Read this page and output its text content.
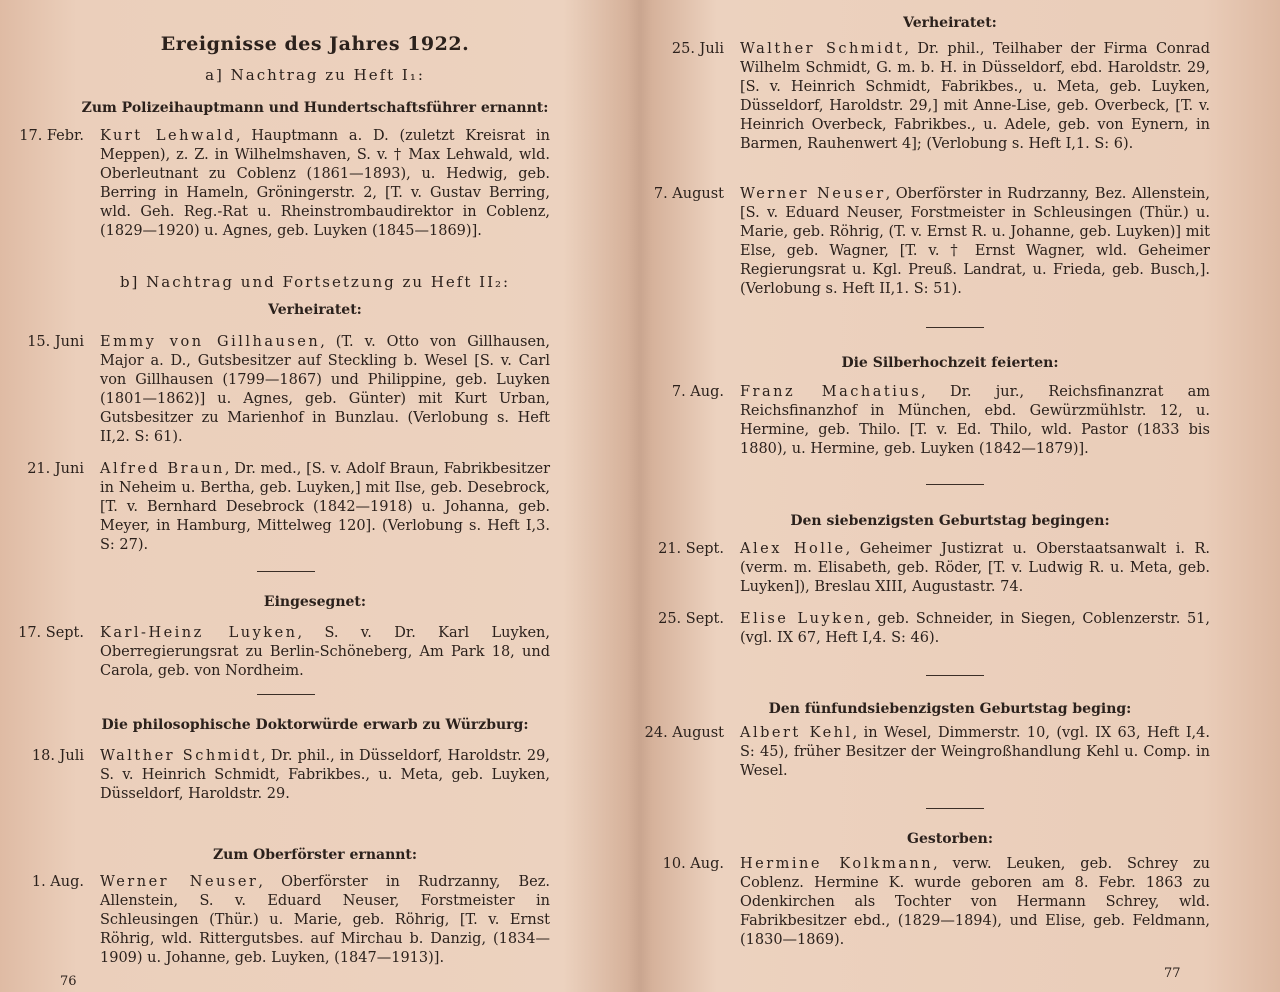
Ereignisse des Jahres 1922.
a] Nachtrag zu Heft I₁:
Zum Polizeihauptmann und Hundertschaftsführer ernannt:
17. Febr. Kurt Lehwald, Hauptmann a. D. (zuletzt Kreisrat in Meppen), z. Z. in Wilhelmshaven, S. v. † Max Lehwald, wld. Oberleutnant zu Coblenz (1861—1893), u. Hedwig, geb. Berring in Hameln, Gröningerstr. 2, [T. v. Gustav Berring, wld. Geh. Reg.-Rat u. Rheinstrombaudirektor in Coblenz, (1829—1920) u. Agnes, geb. Luyken (1845—1869)].
b] Nachtrag und Fortsetzung zu Heft II₂:
Verheiratet:
15. Juni Emmy von Gillhausen, (T. v. Otto von Gillhausen, Major a. D., Gutsbesitzer auf Steckling b. Wesel [S. v. Carl von Gillhausen (1799—1867) und Philippine, geb. Luyken (1801—1862)] u. Agnes, geb. Günter) mit Kurt Urban, Gutsbesitzer zu Marienhof in Bunzlau. (Verlobung s. Heft II,2. S: 61).
21. Juni Alfred Braun, Dr. med., [S. v. Adolf Braun, Fabrikbesitzer in Neheim u. Bertha, geb. Luyken,] mit Ilse, geb. Desebrock, [T. v. Bernhard Desebrock (1842—1918) u. Johanna, geb. Meyer, in Hamburg, Mittelweg 120]. (Verlobung s. Heft I,3. S: 27).
Eingesegnet:
17. Sept. Karl-Heinz Luyken, S. v. Dr. Karl Luyken, Oberregierungsrat zu Berlin-Schöneberg, Am Park 18, und Carola, geb. von Nordheim.
Die philosophische Doktorwürde erwarb zu Würzburg:
18. Juli Walther Schmidt, Dr. phil., in Düsseldorf, Haroldstr. 29, S. v. Heinrich Schmidt, Fabrikbes., u. Meta, geb. Luyken, Düsseldorf, Haroldstr. 29.
Zum Oberförster ernannt:
1. Aug. Werner Neuser, Oberförster in Rudrzanny, Bez. Allenstein, S. v. Eduard Neuser, Forstmeister in Schleusingen (Thür.) u. Marie, geb. Röhrig, [T. v. Ernst Röhrig, wld. Rittergutsbes. auf Mirchau b. Danzig, (1834—1909) u. Johanne, geb. Luyken, (1847—1913)].
76
Verheiratet:
25. Juli Walther Schmidt, Dr. phil., Teilhaber der Firma Conrad Wilhelm Schmidt, G. m. b. H. in Düsseldorf, ebd. Haroldstr. 29, [S. v. Heinrich Schmidt, Fabrikbes., u. Meta, geb. Luyken, Düsseldorf, Haroldstr. 29,] mit Anne-Lise, geb. Overbeck, [T. v. Heinrich Overbeck, Fabrikbes., u. Adele, geb. von Eynern, in Barmen, Rauhenwert 4]; (Verlobung s. Heft I,1. S: 6).
7. August Werner Neuser, Oberförster in Rudrzanny, Bez. Allenstein, [S. v. Eduard Neuser, Forstmeister in Schleusingen (Thür.) u. Marie, geb. Röhrig, (T. v. Ernst R. u. Johanne, geb. Luyken)] mit Else, geb. Wagner, [T. v. † Ernst Wagner, wld. Geheimer Regierungsrat u. Kgl. Preuß. Landrat, u. Frieda, geb. Busch,]. (Verlobung s. Heft II,1. S: 51).
Die Silberhochzeit feierten:
7. Aug. Franz Machatius, Dr. jur., Reichsfinanzrat am Reichsfinanzhof in München, ebd. Gewürzmühlstr. 12, u. Hermine, geb. Thilo. [T. v. Ed. Thilo, wld. Pastor (1833 bis 1880), u. Hermine, geb. Luyken (1842—1879)].
Den siebenzigsten Geburtstag begingen:
21. Sept. Alex Holle, Geheimer Justizrat u. Oberstaatsanwalt i. R. (verm. m. Elisabeth, geb. Röder, [T. v. Ludwig R. u. Meta, geb. Luyken]), Breslau XIII, Augustastr. 74.
25. Sept. Elise Luyken, geb. Schneider, in Siegen, Coblenzerstr. 51, (vgl. IX 67, Heft I,4. S: 46).
Den fünfundsiebenzigsten Geburtstag beging:
24. August Albert Kehl, in Wesel, Dimmerstr. 10, (vgl. IX 63, Heft I,4. S: 45), früher Besitzer der Weingroßhandlung Kehl u. Comp. in Wesel.
Gestorben:
10. Aug. Hermine Kolkmann, verw. Leuken, geb. Schrey zu Coblenz. Hermine K. wurde geboren am 8. Febr. 1863 zu Odenkirchen als Tochter von Hermann Schrey, wld. Fabrikbesitzer ebd., (1829—1894), und Elise, geb. Feldmann, (1830—1869).
77
